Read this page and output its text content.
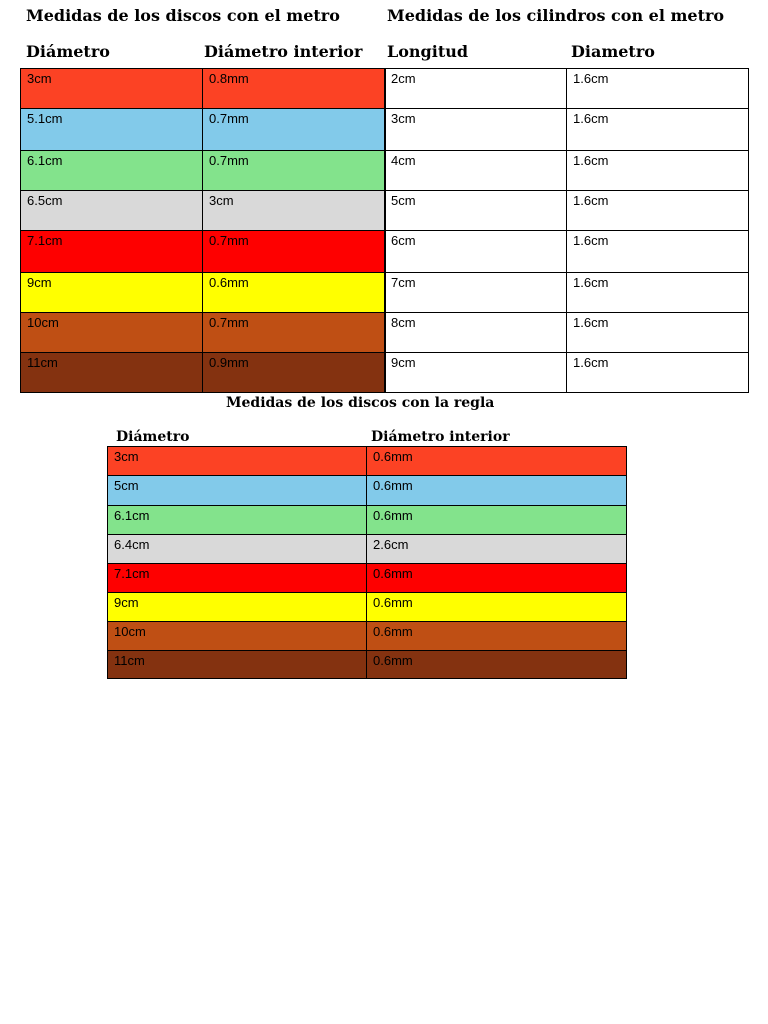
Medidas de los discos con el metro
Diámetro	Diámetro interior
Medidas de los cilindros con el metro
Longitud	Diametro
3cm	0.8mm
5.1cm	0.7mm
6.1cm	0.7mm
6.5cm	3cm
7.1cm	0.7mm
9cm	0.6mm
10cm	0.7mm
11cm	0.9mm
2cm	1.6cm
3cm	1.6cm
4cm	1.6cm
5cm	1.6cm
6cm	1.6cm
7cm	1.6cm
8cm	1.6cm
9cm	1.6cm
Medidas de los discos con la regla
Diámetro	Diámetro interior
3cm	0.6mm
5cm	0.6mm
6.1cm	0.6mm
6.4cm	2.6cm
7.1cm	0.6mm
9cm	0.6mm
10cm	0.6mm
11cm	0.6mm
